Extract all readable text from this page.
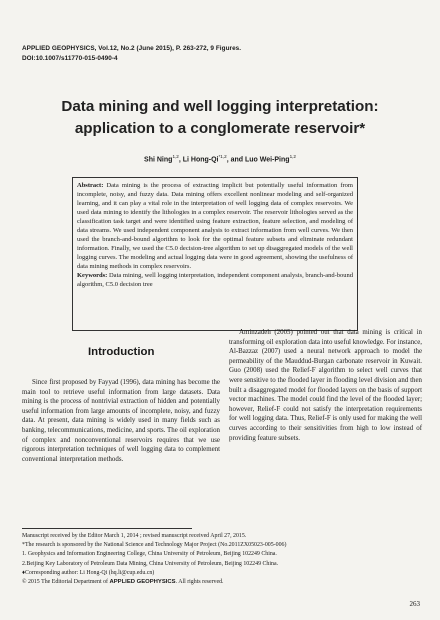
APPLIED GEOPHYSICS, Vol.12, No.2 (June 2015), P. 263-272, 9 Figures.
DOI:10.1007/s11770-015-0490-4
Data mining and well logging interpretation:
application to a conglomerate reservoir*
Shi Ning$^{1,2}$, Li Hong-Qi$^{*1,2}$, and Luo Wei-Ping$^{1,2}$
Abstract: Data mining is the process of extracting implicit but potentially useful information from incomplete, noisy, and fuzzy data. Data mining offers excellent nonlinear modeling and self-organized learning, and it can play a vital role in the interpretation of well logging data of complex reservoirs. We used data mining to identify the lithologies in a complex reservoir. The reservoir lithologies served as the classification task target and were identified using feature extraction, feature selection, and modeling of data streams. We used independent component analysis to extract information from well curves. We then used the branch-and-bound algorithm to look for the optimal feature subsets and eliminate redundant information. Finally, we used the C5.0 decision-tree algorithm to set up disaggregated models of the well logging curves. The modeling and actual logging data were in good agreement, showing the usefulness of data mining methods in complex reservoirs.
Keywords: Data mining, well logging interpretation, independent component analysis, branch-and-bound algorithm, C5.0 decision tree
Introduction

Since first proposed by Fayyad (1996), data mining has become the main tool to retrieve useful information from large datasets. Data mining is the process of nontrivial extraction of hidden and potentially useful information from large amounts of incomplete, noisy, and fuzzy data. At present, data mining is widely used in many fields such as banking, telecommunications, medicine, and sports. The oil exploration of complex and nonconventional reservoirs requires that we use rigorous interpretation techniques of well logging data to complement conventional interpretation methods.

Aminzadeh (2005) pointed out that data mining is critical in transforming oil exploration data into useful knowledge. For instance, Al-Bazzaz (2007) used a neural network approach to model the permeability of the Mauddud-Burgan carbonate reservoir in Kuwait. Guo (2008) used the Relief-F algorithm to select well curves that were sensitive to the flooded layer in flooding level division and then built a disaggregated model for flooded layers on the basis of support vector machines. The model could find the level of the flooded layer; however, Relief-F could not satisfy the interpretation requirements for well logging data. Thus, Relief-F is only used for making the well curves according to their sensitivities from high to low instead of providing feature subsets.

Manuscript received by the Editor March 1, 2014 ; revised manuscript received April 27, 2015.
*The research is sponsored by the National Science and Technology Major Project (No.2011ZX05023-005-006)
1. Geophysics and Information Engineering College, China University of Petroleum, Beijing 102249 China.
2.Beijing Key Laboratory of Petroleum Data Mining, China University of Petroleum, Beijing 102249 China.
♦Corresponding author: Li Hong-Qi (hq.li@cup.edu.cn)
© 2015 The Editorial Department of APPLIED GEOPHYSICS. All rights reserved.
263
